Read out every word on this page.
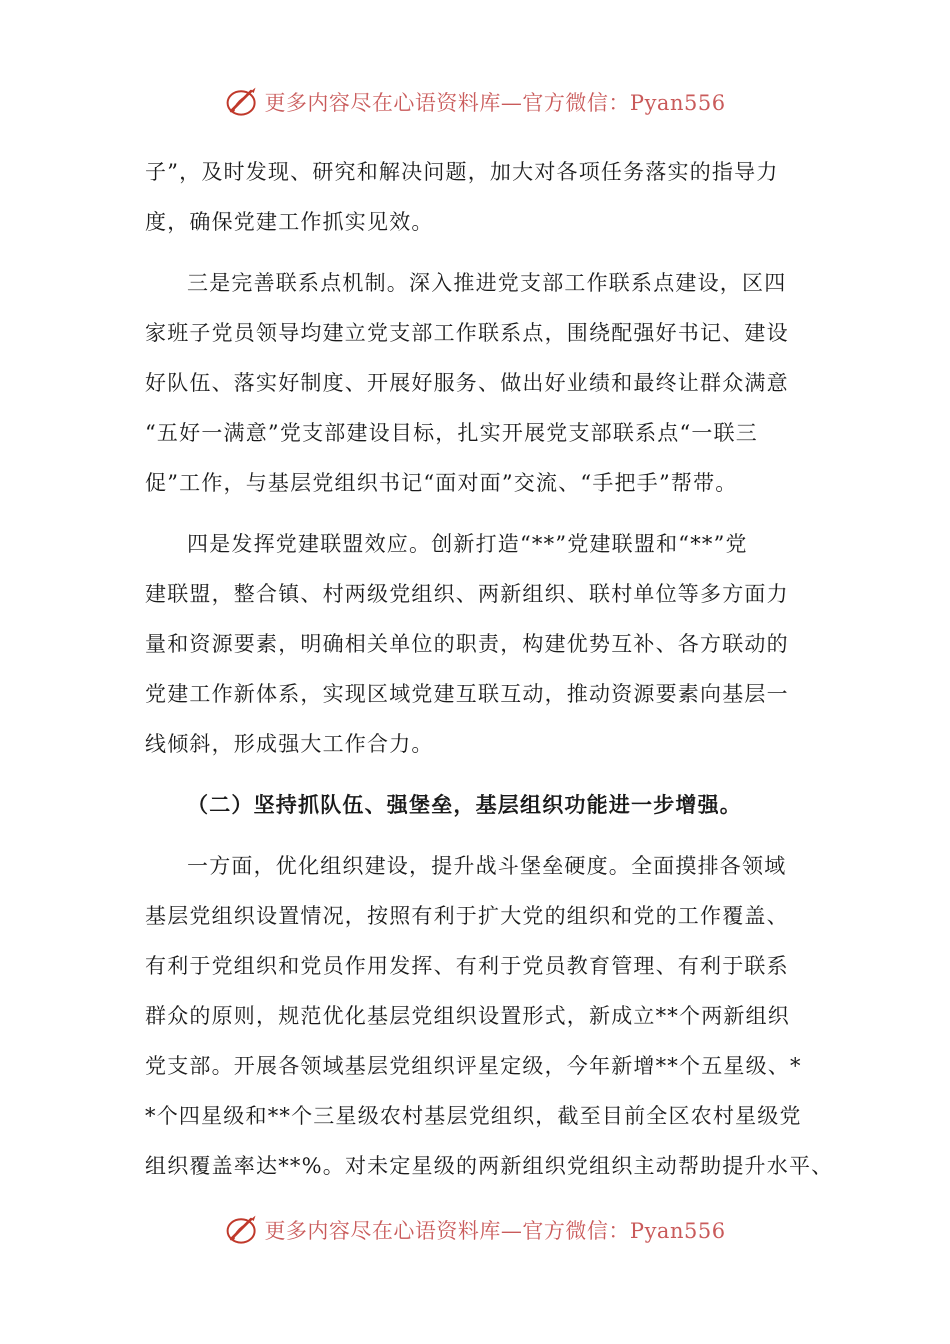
更多内容尽在心语资料库—官方微信：Pyan556

子”，及时发现、研究和解决问题，加大对各项任务落实的指导力
度，确保党建工作抓实见效。

三是完善联系点机制。深入推进党支部工作联系点建设，区四
家班子党员领导均建立党支部工作联系点，围绕配强好书记、建设
好队伍、落实好制度、开展好服务、做出好业绩和最终让群众满意
“五好一满意”党支部建设目标，扎实开展党支部联系点“一联三
促”工作，与基层党组织书记“面对面”交流、“手把手”帮带。

四是发挥党建联盟效应。创新打造“**”党建联盟和“**”党
建联盟，整合镇、村两级党组织、两新组织、联村单位等多方面力
量和资源要素，明确相关单位的职责，构建优势互补、各方联动的
党建工作新体系，实现区域党建互联互动，推动资源要素向基层一
线倾斜，形成强大工作合力。

（二）坚持抓队伍、强堡垒，基层组织功能进一步增强。

一方面，优化组织建设，提升战斗堡垒硬度。全面摸排各领域
基层党组织设置情况，按照有利于扩大党的组织和党的工作覆盖、
有利于党组织和党员作用发挥、有利于党员教育管理、有利于联系
群众的原则，规范优化基层党组织设置形式，新成立**个两新组织
党支部。开展各领域基层党组织评星定级，今年新增**个五星级、*
*个四星级和**个三星级农村基层党组织，截至目前全区农村星级党
组织覆盖率达**%。对未定星级的两新组织党组织主动帮助提升水平、

更多内容尽在心语资料库—官方微信：Pyan556
